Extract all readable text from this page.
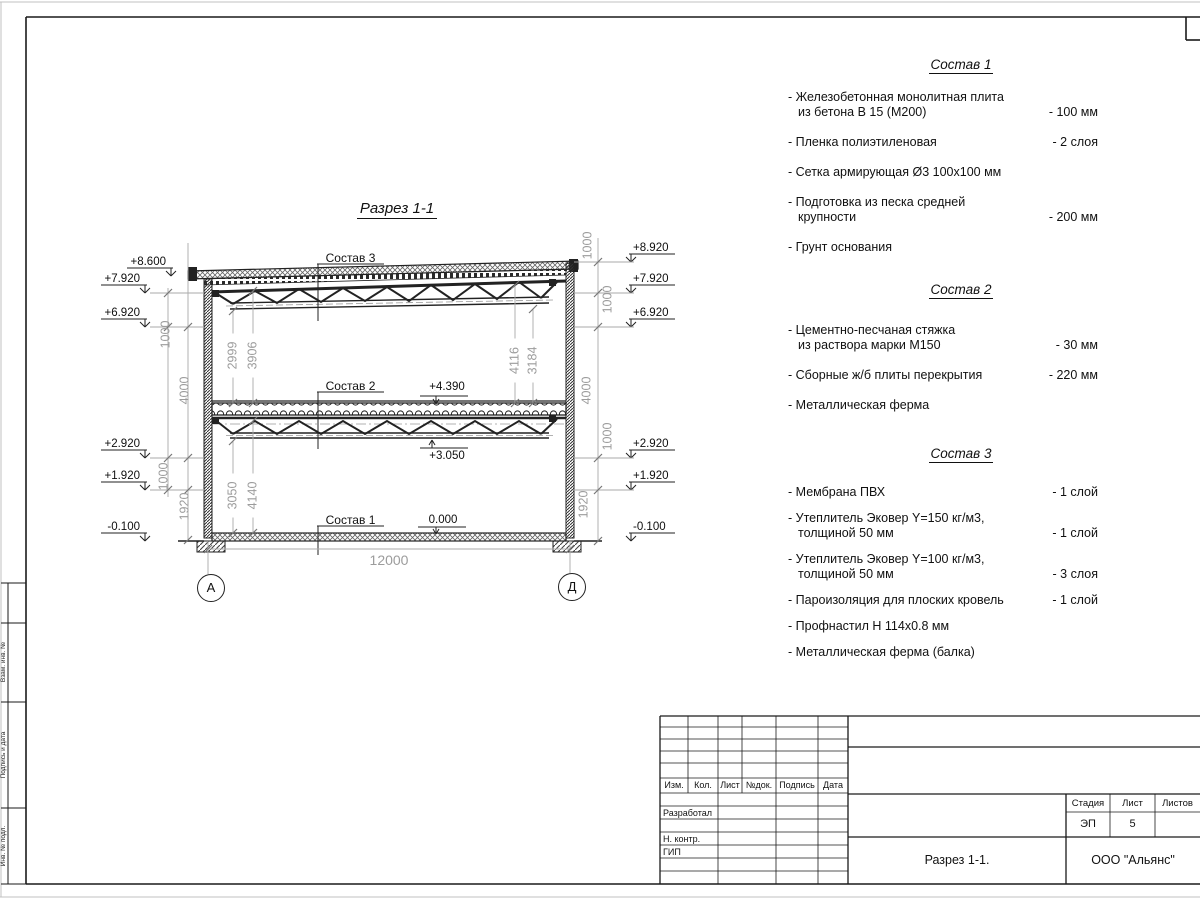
Разрез 1-1
Состав 3
Состав 2
Состав 1
+8.600
+7.920
+6.920
+2.920
+1.920
-0.100
+8.920
+7.920
+6.920
+2.920
+1.920
-0.100
+4.390
+3.050
0.000
1000
4000
1000
1920
1000
1000
4000
1000
1920
2999 3906
3050 4140
4116 3184
12000
А	Д
Состав 1
- Железобетонная монолитная плита
из бетона В 15 (М200)	- 100 мм
- Пленка полиэтиленовая	- 2 слоя
- Сетка армирующая Ø3 100х100 мм
- Подготовка из песка средней
крупности	- 200 мм
- Грунт основания
Состав 2
- Цементно-песчаная стяжка
из раствора марки М150	- 30 мм
- Сборные ж/б плиты перекрытия	- 220 мм
- Металлическая ферма
Состав 3
- Мембрана ПВХ	- 1 слой
- Утеплитель Эковер Y=150 кг/м3,
толщиной 50 мм	- 1 слой
- Утеплитель Эковер Y=100 кг/м3,
толщиной 50 мм	- 3 слоя
- Пароизоляция для плоских кровель	- 1 слой
- Профнастил Н 114х0.8 мм
- Металлическая ферма (балка)
Изм.	Кол. Лист №док. Подпись Дата
Разработал
Н. контр.
ГИП
Стадия	Лист	Листов
ЭП	5
Разрез 1-1.	ООО "Альянс"
Взам. инв. №
Подпись и дата
Инв. № подл.
